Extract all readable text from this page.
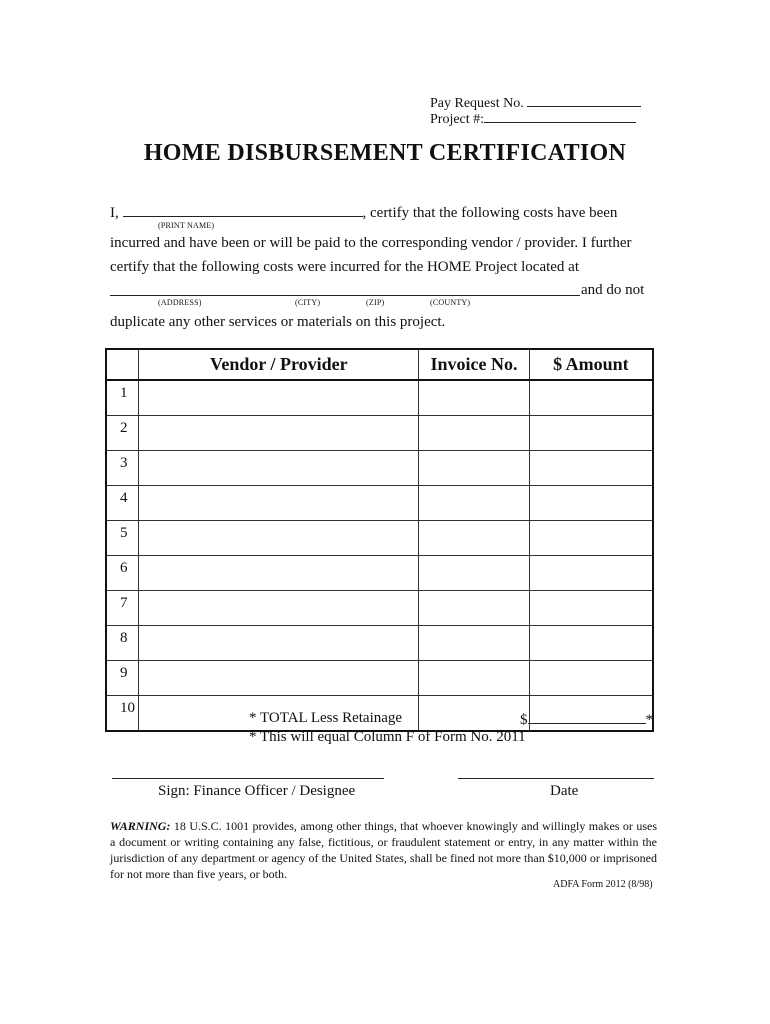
Pay Request No.
Project #:
HOME DISBURSEMENT CERTIFICATION
I,	, certify that the following costs have been
(PRINT NAME)
incurred and have been or will be paid to the corresponding vendor / provider. I further
certify that the following costs were incurred for the HOME Project located at
and do not
(ADDRESS)	(CITY)	(ZIP)	(COUNTY)
duplicate any other services or materials on this project.
	Vendor / Provider	Invoice No.	$ Amount
1			
2			
3			
4			
5			
6			
7			
8			
9			
10			
* TOTAL Less Retainage	$	*
* This will equal Column F of Form No. 2011
Sign: Finance Officer / Designee	Date
WARNING: 18 U.S.C. 1001 provides, among other things, that whoever knowingly and willingly makes or uses a document or writing containing any false, fictitious, or fraudulent statement or entry, in any matter within the jurisdiction of any department or agency of the United States, shall be fined not more than $10,000 or imprisoned for not more than five years, or both.
ADFA Form 2012 (8/98)
